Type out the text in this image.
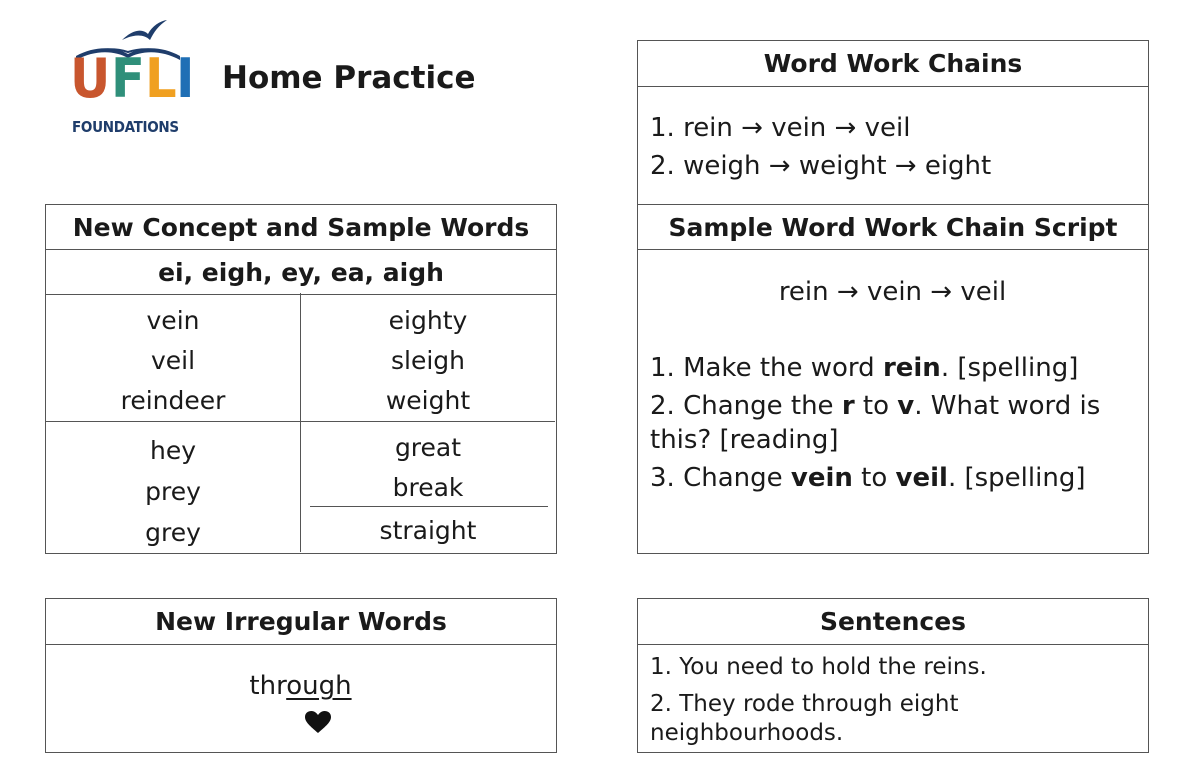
U F L I
FOUNDATIONS
Home Practice
New Concept and Sample Words
ei, eigh, ey, ea, aigh
vein
veil
reindeer
eighty
sleigh
weight
hey
prey
grey
great
break
straight
New Irregular Words
through
Word Work Chains
1. rein → vein → veil
2. weigh → weight → eight
Sample Word Work Chain Script
rein → vein → veil
1. Make the word rein. [spelling]
2. Change the r to v. What word is this? [reading]
3. Change vein to veil. [spelling]
Sentences
1. You need to hold the reins.
2. They rode through eight neighbourhoods.
